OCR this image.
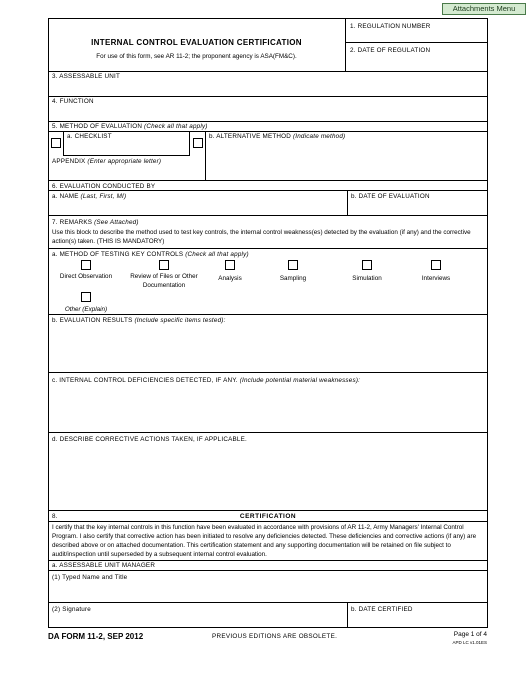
Attachments Menu
INTERNAL CONTROL EVALUATION CERTIFICATION
For use of this form, see AR 11-2; the proponent agency is ASA(FM&C).
1. REGULATION NUMBER
2. DATE OF REGULATION
3. ASSESSABLE UNIT
4. FUNCTION
5. METHOD OF EVALUATION (Check all that apply)
a. CHECKLIST	b. ALTERNATIVE METHOD (Indicate method)
APPENDIX (Enter appropriate letter)
6. EVALUATION CONDUCTED BY
a. NAME (Last, First, MI)	b. DATE OF EVALUATION
7. REMARKS (See Attached)
Use this block to describe the method used to test key controls, the internal control weakness(es) detected by the evaluation (if any) and the corrective action(s) taken. (THIS IS MANDATORY)
a. METHOD OF TESTING KEY CONTROLS (Check all that apply)
Direct Observation	Review of Files or Other Documentation
Analysis	Sampling	Simulation	Interviews
Other (Explain)
b. EVALUATION RESULTS (Include specific items tested):
c. INTERNAL CONTROL DEFICIENCIES DETECTED, IF ANY. (Include potential material weaknesses):
d. DESCRIBE CORRECTIVE ACTIONS TAKEN, IF APPLICABLE.
8.	CERTIFICATION
I certify that the key internal controls in this function have been evaluated in accordance with provisions of AR 11-2, Army Managers' Internal Control Program. I also certify that corrective action has been initiated to resolve any deficiencies detected. These deficiencies and corrective actions (if any) are described above or on attached documentation. This certification statement and any supporting documentation will be retained on file subject to audit/inspection until superseded by a subsequent internal control evaluation.
a. ASSESSABLE UNIT MANAGER
(1) Typed Name and Title
(2) Signature	b. DATE CERTIFIED
DA FORM 11-2, SEP 2012	PREVIOUS EDITIONS ARE OBSOLETE.	Page 1 of 4
APD LC v1.01ES
